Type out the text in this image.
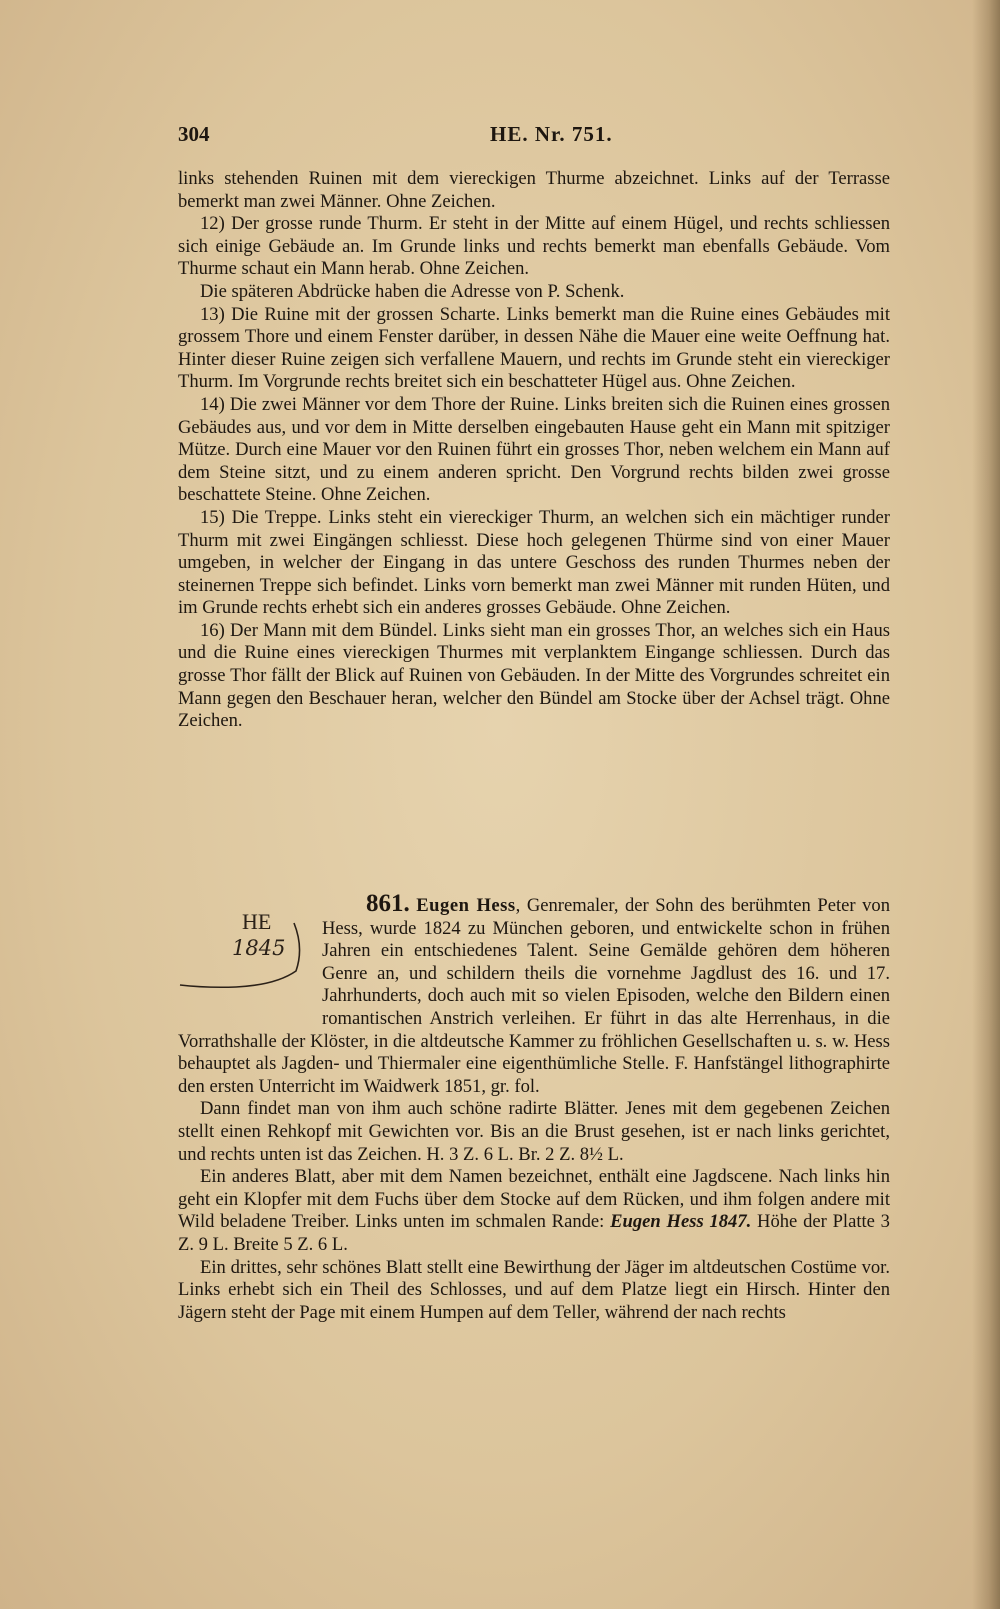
304	HE. Nr. 751.

links stehenden Ruinen mit dem viereckigen Thurme abzeichnet. Links auf der Terrasse bemerkt man zwei Männer. Ohne Zeichen.

12) Der grosse runde Thurm. Er steht in der Mitte auf einem Hügel, und rechts schliessen sich einige Gebäude an. Im Grunde links und rechts bemerkt man ebenfalls Gebäude. Vom Thurme schaut ein Mann herab. Ohne Zeichen.

Die späteren Abdrücke haben die Adresse von P. Schenk.

13) Die Ruine mit der grossen Scharte. Links bemerkt man die Ruine eines Gebäudes mit grossem Thore und einem Fenster darüber, in dessen Nähe die Mauer eine weite Oeffnung hat. Hinter dieser Ruine zeigen sich verfallene Mauern, und rechts im Grunde steht ein viereckiger Thurm. Im Vorgrunde rechts breitet sich ein beschatteter Hügel aus. Ohne Zeichen.

14) Die zwei Männer vor dem Thore der Ruine. Links breiten sich die Ruinen eines grossen Gebäudes aus, und vor dem in Mitte derselben eingebauten Hause geht ein Mann mit spitziger Mütze. Durch eine Mauer vor den Ruinen führt ein grosses Thor, neben welchem ein Mann auf dem Steine sitzt, und zu einem anderen spricht. Den Vorgrund rechts bilden zwei grosse beschattete Steine. Ohne Zeichen.

15) Die Treppe. Links steht ein viereckiger Thurm, an welchen sich ein mächtiger runder Thurm mit zwei Eingängen schliesst. Diese hoch gelegenen Thürme sind von einer Mauer umgeben, in welcher der Eingang in das untere Geschoss des runden Thurmes neben der steinernen Treppe sich befindet. Links vorn bemerkt man zwei Männer mit runden Hüten, und im Grunde rechts erhebt sich ein anderes grosses Gebäude. Ohne Zeichen.

16) Der Mann mit dem Bündel. Links sieht man ein grosses Thor, an welches sich ein Haus und die Ruine eines viereckigen Thurmes mit verplanktem Eingange schliessen. Durch das grosse Thor fällt der Blick auf Ruinen von Gebäuden. In der Mitte des Vorgrundes schreitet ein Mann gegen den Beschauer heran, welcher den Bündel am Stocke über der Achsel trägt. Ohne Zeichen.

HE
1845
861. Eugen Hess, Genremaler, der Sohn des berühmten Peter von Hess, wurde 1824 zu München geboren, und entwickelte schon in frühen Jahren ein entschiedenes Talent. Seine Gemälde gehören dem höheren Genre an, und schildern theils die vornehme Jagdlust des 16. und 17. Jahrhunderts, doch auch mit so vielen Episoden, welche den Bildern einen romantischen Anstrich verleihen. Er führt in das alte Herrenhaus, in die Vorrathshalle der Klöster, in die altdeutsche Kammer zu fröhlichen Gesellschaften u. s. w. Hess behauptet als Jagden- und Thiermaler eine eigenthümliche Stelle. F. Hanfstängel lithographirte den ersten Unterricht im Waidwerk 1851, gr. fol.

Dann findet man von ihm auch schöne radirte Blätter. Jenes mit dem gegebenen Zeichen stellt einen Rehkopf mit Gewichten vor. Bis an die Brust gesehen, ist er nach links gerichtet, und rechts unten ist das Zeichen. H. 3 Z. 6 L. Br. 2 Z. 8½ L.

Ein anderes Blatt, aber mit dem Namen bezeichnet, enthält eine Jagdscene. Nach links hin geht ein Klopfer mit dem Fuchs über dem Stocke auf dem Rücken, und ihm folgen andere mit Wild beladene Treiber. Links unten im schmalen Rande: Eugen Hess 1847. Höhe der Platte 3 Z. 9 L. Breite 5 Z. 6 L.

Ein drittes, sehr schönes Blatt stellt eine Bewirthung der Jäger im altdeutschen Costüme vor. Links erhebt sich ein Theil des Schlosses, und auf dem Platze liegt ein Hirsch. Hinter den Jägern steht der Page mit einem Humpen auf dem Teller, während der nach rechts
